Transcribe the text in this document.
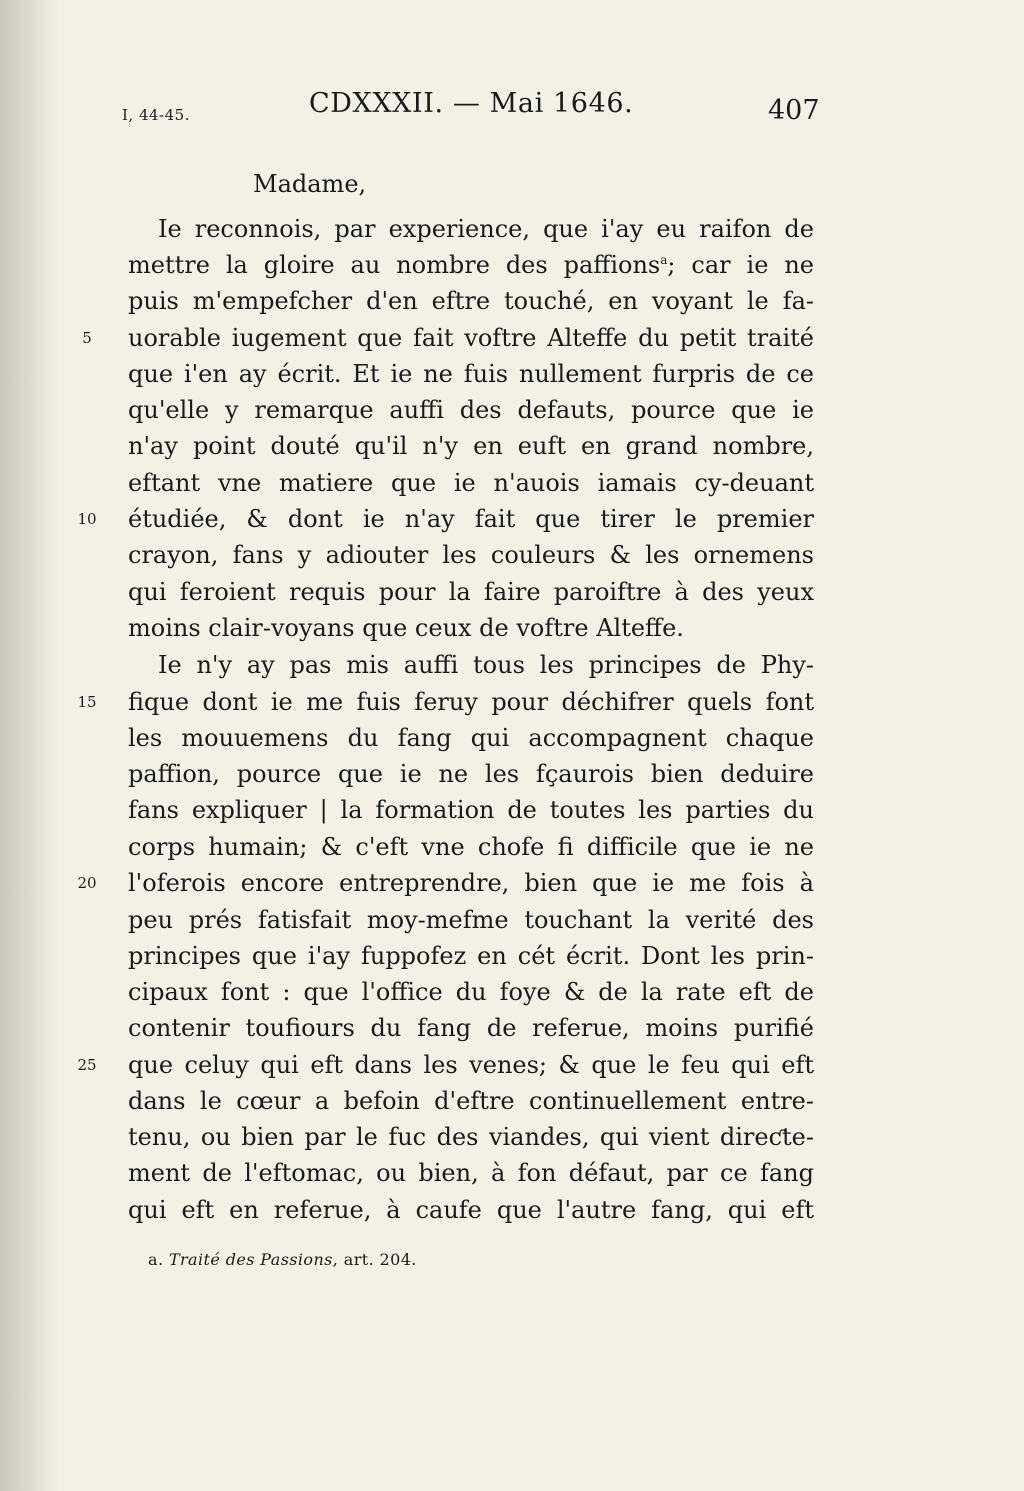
I, 44-45.	CDXXXII. — Mai 1646.	407
Madame,
Ie reconnois, par experience, que i'ay eu raifon de
mettre la gloire au nombre des paffions$^a$; car ie ne
puis m'empefcher d'en eftre touché, en voyant le fa-
uorable iugement que fait voftre Alteffe du petit traité
que i'en ay écrit. Et ie ne fuis nullement furpris de ce
qu'elle y remarque auffi des defauts, pource que ie
n'ay point douté qu'il n'y en euft en grand nombre,
eftant vne matiere que ie n'auois iamais cy-deuant
étudiée, & dont ie n'ay fait que tirer le premier
crayon, fans y adiouter les couleurs & les ornemens
qui feroient requis pour la faire paroiftre à des yeux
moins clair-voyans que ceux de voftre Alteffe.
Ie n'y ay pas mis auffi tous les principes de Phy-
fique dont ie me fuis feruy pour déchifrer quels font
les mouuemens du fang qui accompagnent chaque
paffion, pource que ie ne les fçaurois bien deduire
fans expliquer | la formation de toutes les parties du
corps humain; & c'eft vne chofe fi difficile que ie ne
l'oferois encore entreprendre, bien que ie me fois à
peu prés fatisfait moy-mefme touchant la verité des
principes que i'ay fuppofez en cét écrit. Dont les prin-
cipaux font : que l'office du foye & de la rate eft de
contenir toufiours du fang de referue, moins purifié
que celuy qui eft dans les venes; & que le feu qui eft
dans le cœur a befoin d'eftre continuellement entre-
tenu, ou bien par le fuc des viandes, qui vient direƈte-
ment de l'eftomac, ou bien, à fon défaut, par ce fang
qui eft en referue, à caufe que l'autre fang, qui eft
5
10
15
20
25
a. Traité des Passions, art. 204.
